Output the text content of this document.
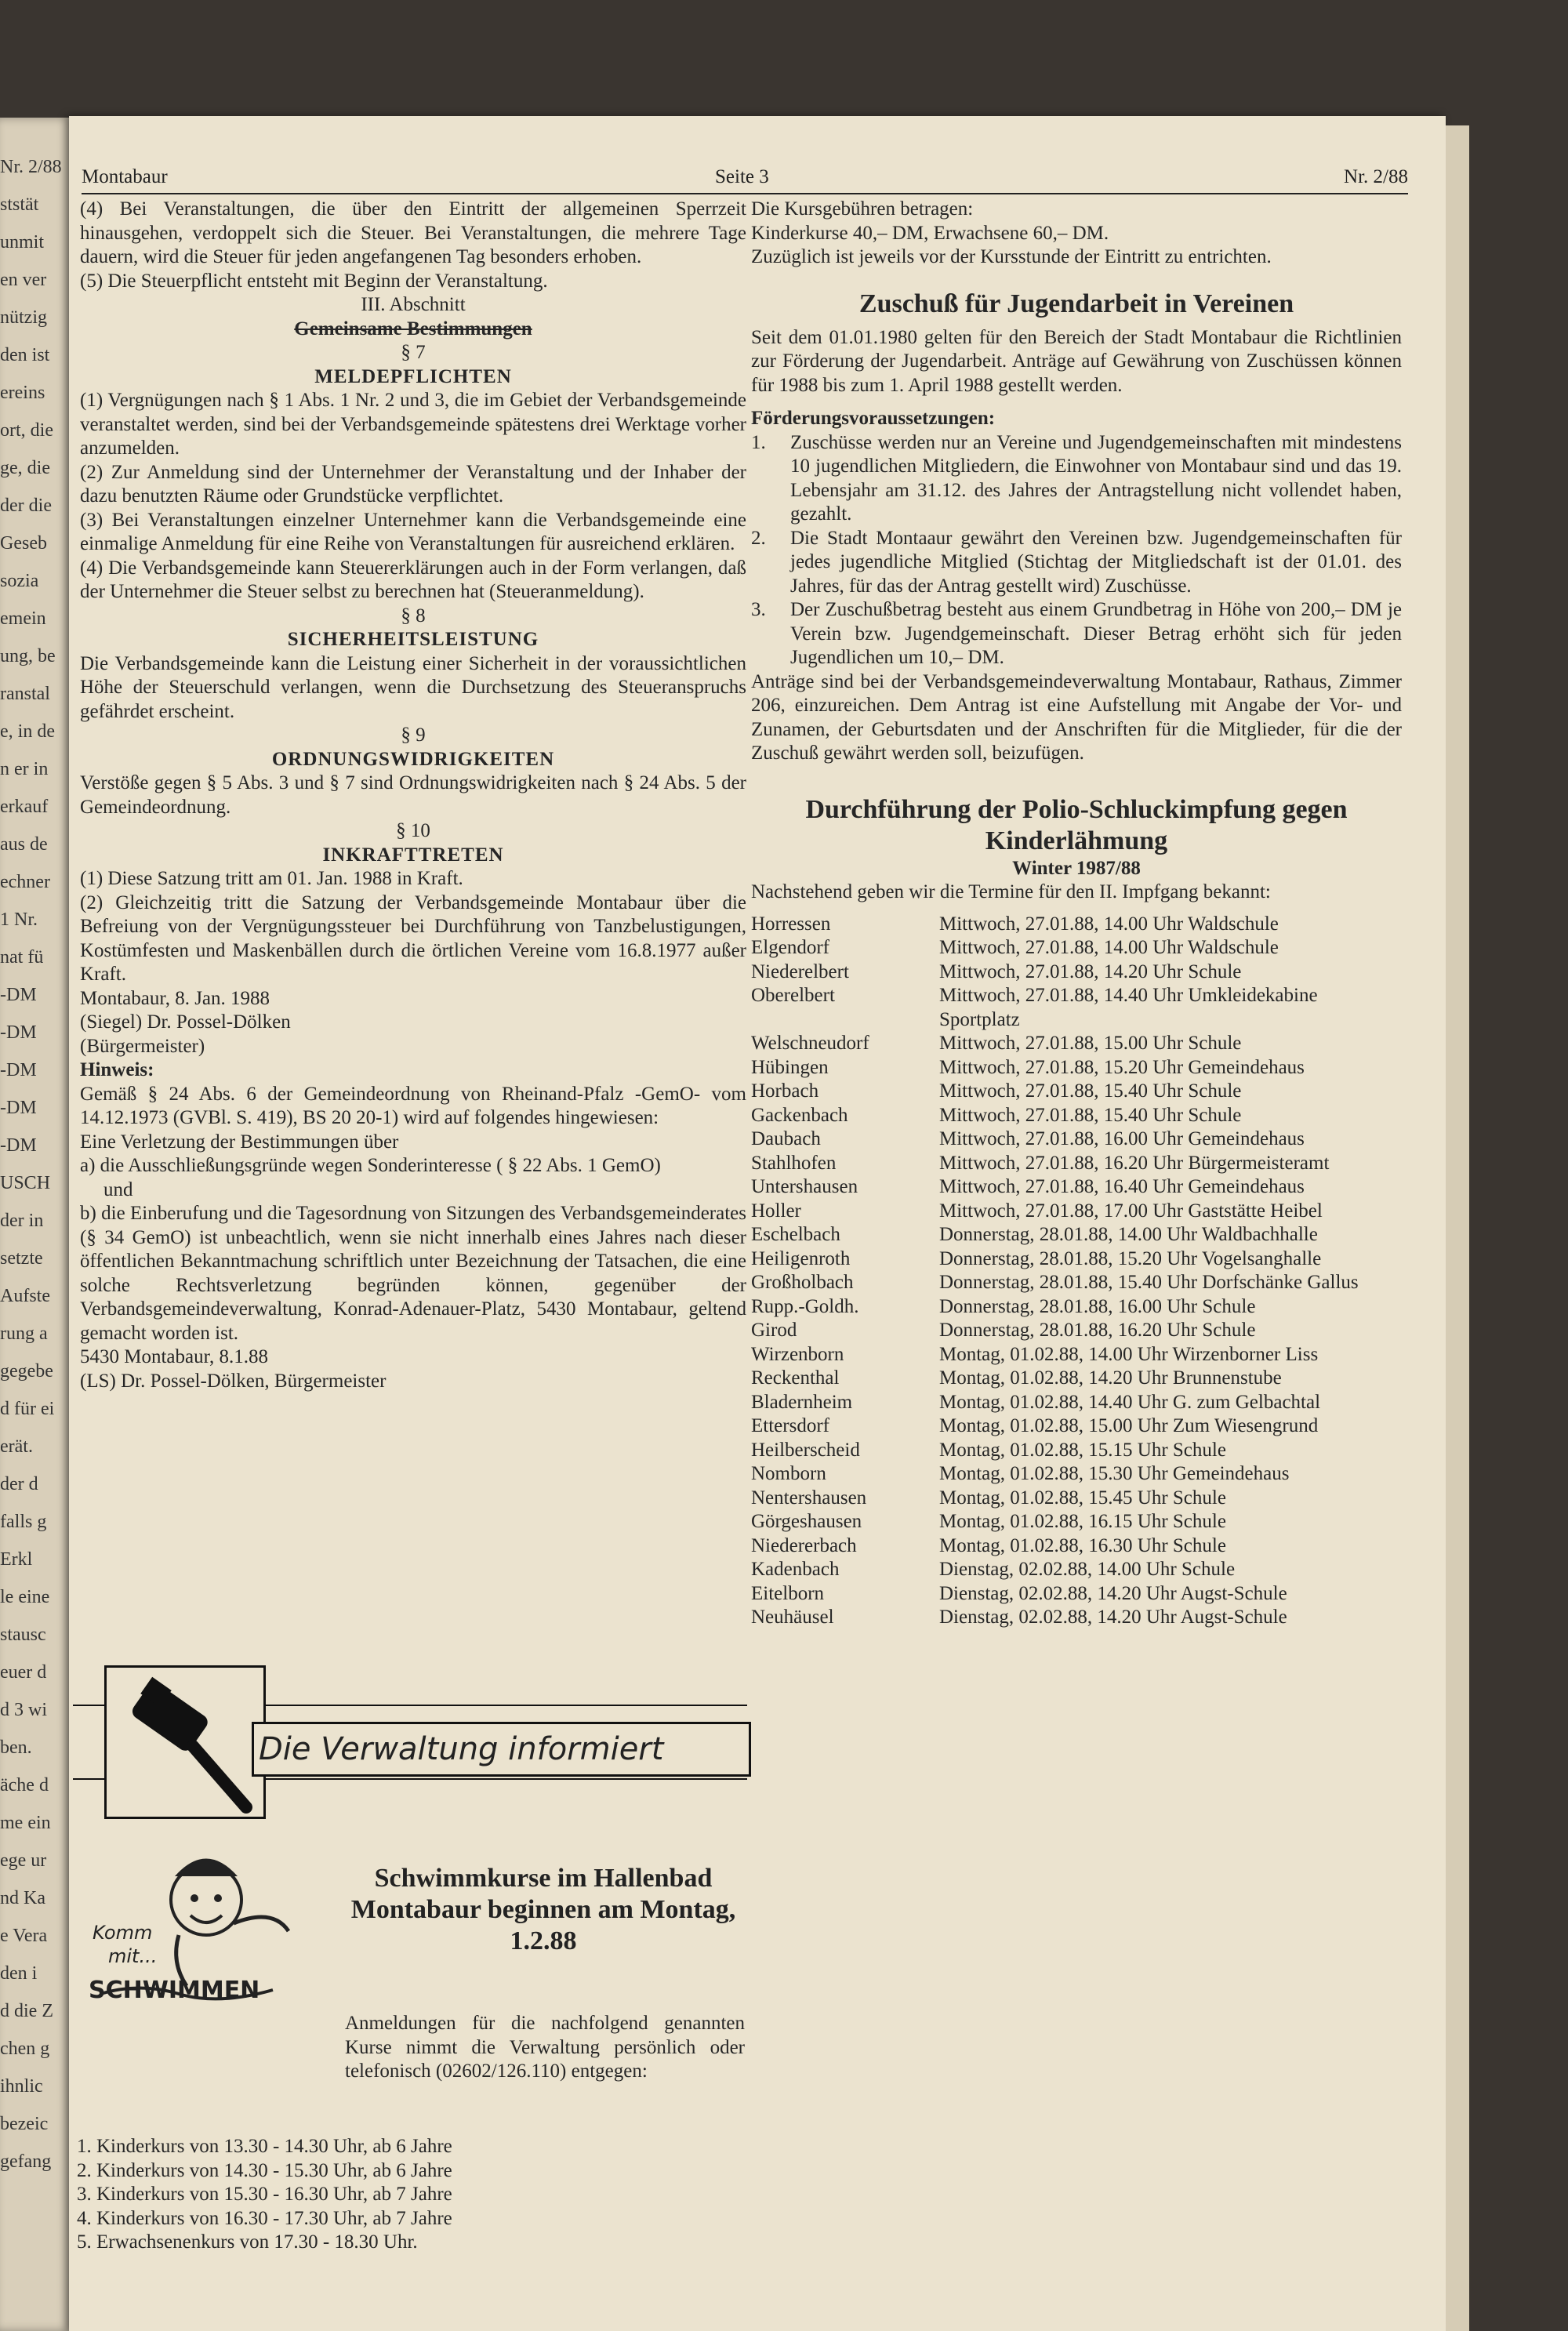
Nr. 2/88
ststät
unmit
en ver
nützig
den ist
ereins
ort, die
ge, die
der die
Geseb
sozia
emein
ung, be
ranstal
e, in de
n er in
erkauf
aus de
echner
1 Nr.
nat fü
-DM
-DM
-DM
-DM
-DM
USCH
der in
setzte
Aufste
rung a
gegebe
d für ei
erät.
der d
falls g
Erkl
le eine
stausc
euer d
d 3 wi
ben.
äche d
me ein
ege ur
nd Ka
e Vera
den i
d die Z
chen g
ihnlic
bezeic
gefang
Montabaur	Seite 3	Nr. 2/88

(4) Bei Veranstaltungen, die über den Eintritt der allgemeinen Sperrzeit hinausgehen, verdoppelt sich die Steuer. Bei Veranstaltungen, die mehrere Tage dauern, wird die Steuer für jeden angefangenen Tag besonders erhoben.

(5) Die Steuerpflicht entsteht mit Beginn der Veranstaltung.

III. Abschnitt

Gemeinsame Bestimmungen

§ 7

MELDEPFLICHTEN

(1) Vergnügungen nach § 1 Abs. 1 Nr. 2 und 3, die im Gebiet der Verbandsgemeinde veranstaltet werden, sind bei der Verbandsgemeinde spätestens drei Werktage vorher anzumelden.

(2) Zur Anmeldung sind der Unternehmer der Veranstaltung und der Inhaber der dazu benutzten Räume oder Grundstücke verpflichtet.

(3) Bei Veranstaltungen einzelner Unternehmer kann die Verbandsgemeinde eine einmalige Anmeldung für eine Reihe von Veranstaltungen für ausreichend erklären.

(4) Die Verbandsgemeinde kann Steuererklärungen auch in der Form verlangen, daß der Unternehmer die Steuer selbst zu berechnen hat (Steueranmeldung).

§ 8

SICHERHEITSLEISTUNG

Die Verbandsgemeinde kann die Leistung einer Sicherheit in der voraussichtlichen Höhe der Steuerschuld verlangen, wenn die Durchsetzung des Steueranspruchs gefährdet erscheint.

§ 9

ORDNUNGSWIDRIGKEITEN

Verstöße gegen § 5 Abs. 3 und § 7 sind Ordnungswidrigkeiten nach § 24 Abs. 5 der Gemeindeordnung.

§ 10

INKRAFTTRETEN

(1) Diese Satzung tritt am 01. Jan. 1988 in Kraft.

(2) Gleichzeitig tritt die Satzung der Verbandsgemeinde Montabaur über die Befreiung von der Vergnügungssteuer bei Durchführung von Tanzbelustigungen, Kostümfesten und Maskenbällen durch die örtlichen Vereine vom 16.8.1977 außer Kraft.

Montabaur, 8. Jan. 1988

(Siegel) Dr. Possel-Dölken

(Bürgermeister)

Hinweis:

Gemäß § 24 Abs. 6 der Gemeindeordnung von Rheinand-Pfalz -GemO- vom 14.12.1973 (GVBl. S. 419), BS 20 20-1) wird auf folgendes hingewiesen:

Eine Verletzung der Bestimmungen über

a) die Ausschließungsgründe wegen Sonderinteresse ( § 22 Abs. 1 GemO)

und

b) die Einberufung und die Tagesordnung von Sitzungen des Verbandsgemeinderates (§ 34 GemO) ist unbeachtlich, wenn sie nicht innerhalb eines Jahres nach dieser öffentlichen Bekanntmachung schriftlich unter Bezeichnung der Tatsachen, die eine solche Rechtsverletzung begründen können, gegenüber der Verbandsgemeindeverwaltung, Konrad-Adenauer-Platz, 5430 Montabaur, geltend gemacht worden ist.

5430 Montabaur, 8.1.88

(LS) Dr. Possel-Dölken, Bürgermeister

Die Verwaltung informiert
Komm
mit...
SCHWIMMEN
Schwimmkurse im Hallenbad Montabaur beginnen am Montag, 1.2.88
Anmeldungen für die nachfolgend genannten Kurse nimmt die Verwaltung persönlich oder telefonisch (02602/126.110) entgegen:

1. Kinderkurs von 13.30 - 14.30 Uhr, ab 6 Jahre

2. Kinderkurs von 14.30 - 15.30 Uhr, ab 6 Jahre

3. Kinderkurs von 15.30 - 16.30 Uhr, ab 7 Jahre

4. Kinderkurs von 16.30 - 17.30 Uhr, ab 7 Jahre

5. Erwachsenenkurs von 17.30 - 18.30 Uhr.

Die Kursgebühren betragen:

Kinderkurse 40,– DM, Erwachsene 60,– DM.

Zuzüglich ist jeweils vor der Kursstunde der Eintritt zu entrichten.

Zuschuß für Jugendarbeit in Vereinen

Seit dem 01.01.1980 gelten für den Bereich der Stadt Montabaur die Richtlinien zur Förderung der Jugendarbeit. Anträge auf Gewährung von Zuschüssen können für 1988 bis zum 1. April 1988 gestellt werden.

Förderungsvoraussetzungen:

1.	Zuschüsse werden nur an Vereine und Jugendgemeinschaften mit mindestens 10 jugendlichen Mitgliedern, die Einwohner von Montabaur sind und das 19. Lebensjahr am 31.12. des Jahres der Antragstellung nicht vollendet haben, gezahlt.
2.	Die Stadt Montaaur gewährt den Vereinen bzw. Jugendgemeinschaften für jedes jugendliche Mitglied (Stichtag der Mitgliedschaft ist der 01.01. des Jahres, für das der Antrag gestellt wird) Zuschüsse.
3.	Der Zuschußbetrag besteht aus einem Grundbetrag in Höhe von 200,– DM je Verein bzw. Jugendgemeinschaft. Dieser Betrag erhöht sich für jeden Jugendlichen um 10,– DM.

Anträge sind bei der Verbandsgemeindeverwaltung Montabaur, Rathaus, Zimmer 206, einzureichen. Dem Antrag ist eine Aufstellung mit Angabe der Vor- und Zunamen, der Geburtsdaten und der Anschriften für die Mitglieder, für die der Zuschuß gewährt werden soll, beizufügen.

Durchführung der Polio-Schluckimpfung gegen Kinderlähmung

Winter 1987/88

Nachstehend geben wir die Termine für den II. Impfgang bekannt:

Horressen	Mittwoch, 27.01.88, 14.00 Uhr Waldschule
Elgendorf	Mittwoch, 27.01.88, 14.00 Uhr Waldschule
Niederelbert	Mittwoch, 27.01.88, 14.20 Uhr Schule
Oberelbert	Mittwoch, 27.01.88, 14.40 Uhr Umkleidekabine Sportplatz
Welschneudorf	Mittwoch, 27.01.88, 15.00 Uhr Schule
Hübingen	Mittwoch, 27.01.88, 15.20 Uhr Gemeindehaus
Horbach	Mittwoch, 27.01.88, 15.40 Uhr Schule
Gackenbach	Mittwoch, 27.01.88, 15.40 Uhr Schule
Daubach	Mittwoch, 27.01.88, 16.00 Uhr Gemeindehaus
Stahlhofen	Mittwoch, 27.01.88, 16.20 Uhr Bürgermeisteramt
Untershausen	Mittwoch, 27.01.88, 16.40 Uhr Gemeindehaus
Holler	Mittwoch, 27.01.88, 17.00 Uhr Gaststätte Heibel
Eschelbach	Donnerstag, 28.01.88, 14.00 Uhr Waldbachhalle
Heiligenroth	Donnerstag, 28.01.88, 15.20 Uhr Vogelsanghalle
Großholbach	Donnerstag, 28.01.88, 15.40 Uhr Dorfschänke Gallus
Rupp.-Goldh.	Donnerstag, 28.01.88, 16.00 Uhr Schule
Girod	Donnerstag, 28.01.88, 16.20 Uhr Schule
Wirzenborn	Montag, 01.02.88, 14.00 Uhr Wirzenborner Liss
Reckenthal	Montag, 01.02.88, 14.20 Uhr Brunnenstube
Bladernheim	Montag, 01.02.88, 14.40 Uhr G. zum Gelbachtal
Ettersdorf	Montag, 01.02.88, 15.00 Uhr Zum Wiesengrund
Heilberscheid	Montag, 01.02.88, 15.15 Uhr Schule
Nomborn	Montag, 01.02.88, 15.30 Uhr Gemeindehaus
Nentershausen	Montag, 01.02.88, 15.45 Uhr Schule
Görgeshausen	Montag, 01.02.88, 16.15 Uhr Schule
Niedererbach	Montag, 01.02.88, 16.30 Uhr Schule
Kadenbach	Dienstag, 02.02.88, 14.00 Uhr Schule
Eitelborn	Dienstag, 02.02.88, 14.20 Uhr Augst-Schule
Neuhäusel	Dienstag, 02.02.88, 14.20 Uhr Augst-Schule
